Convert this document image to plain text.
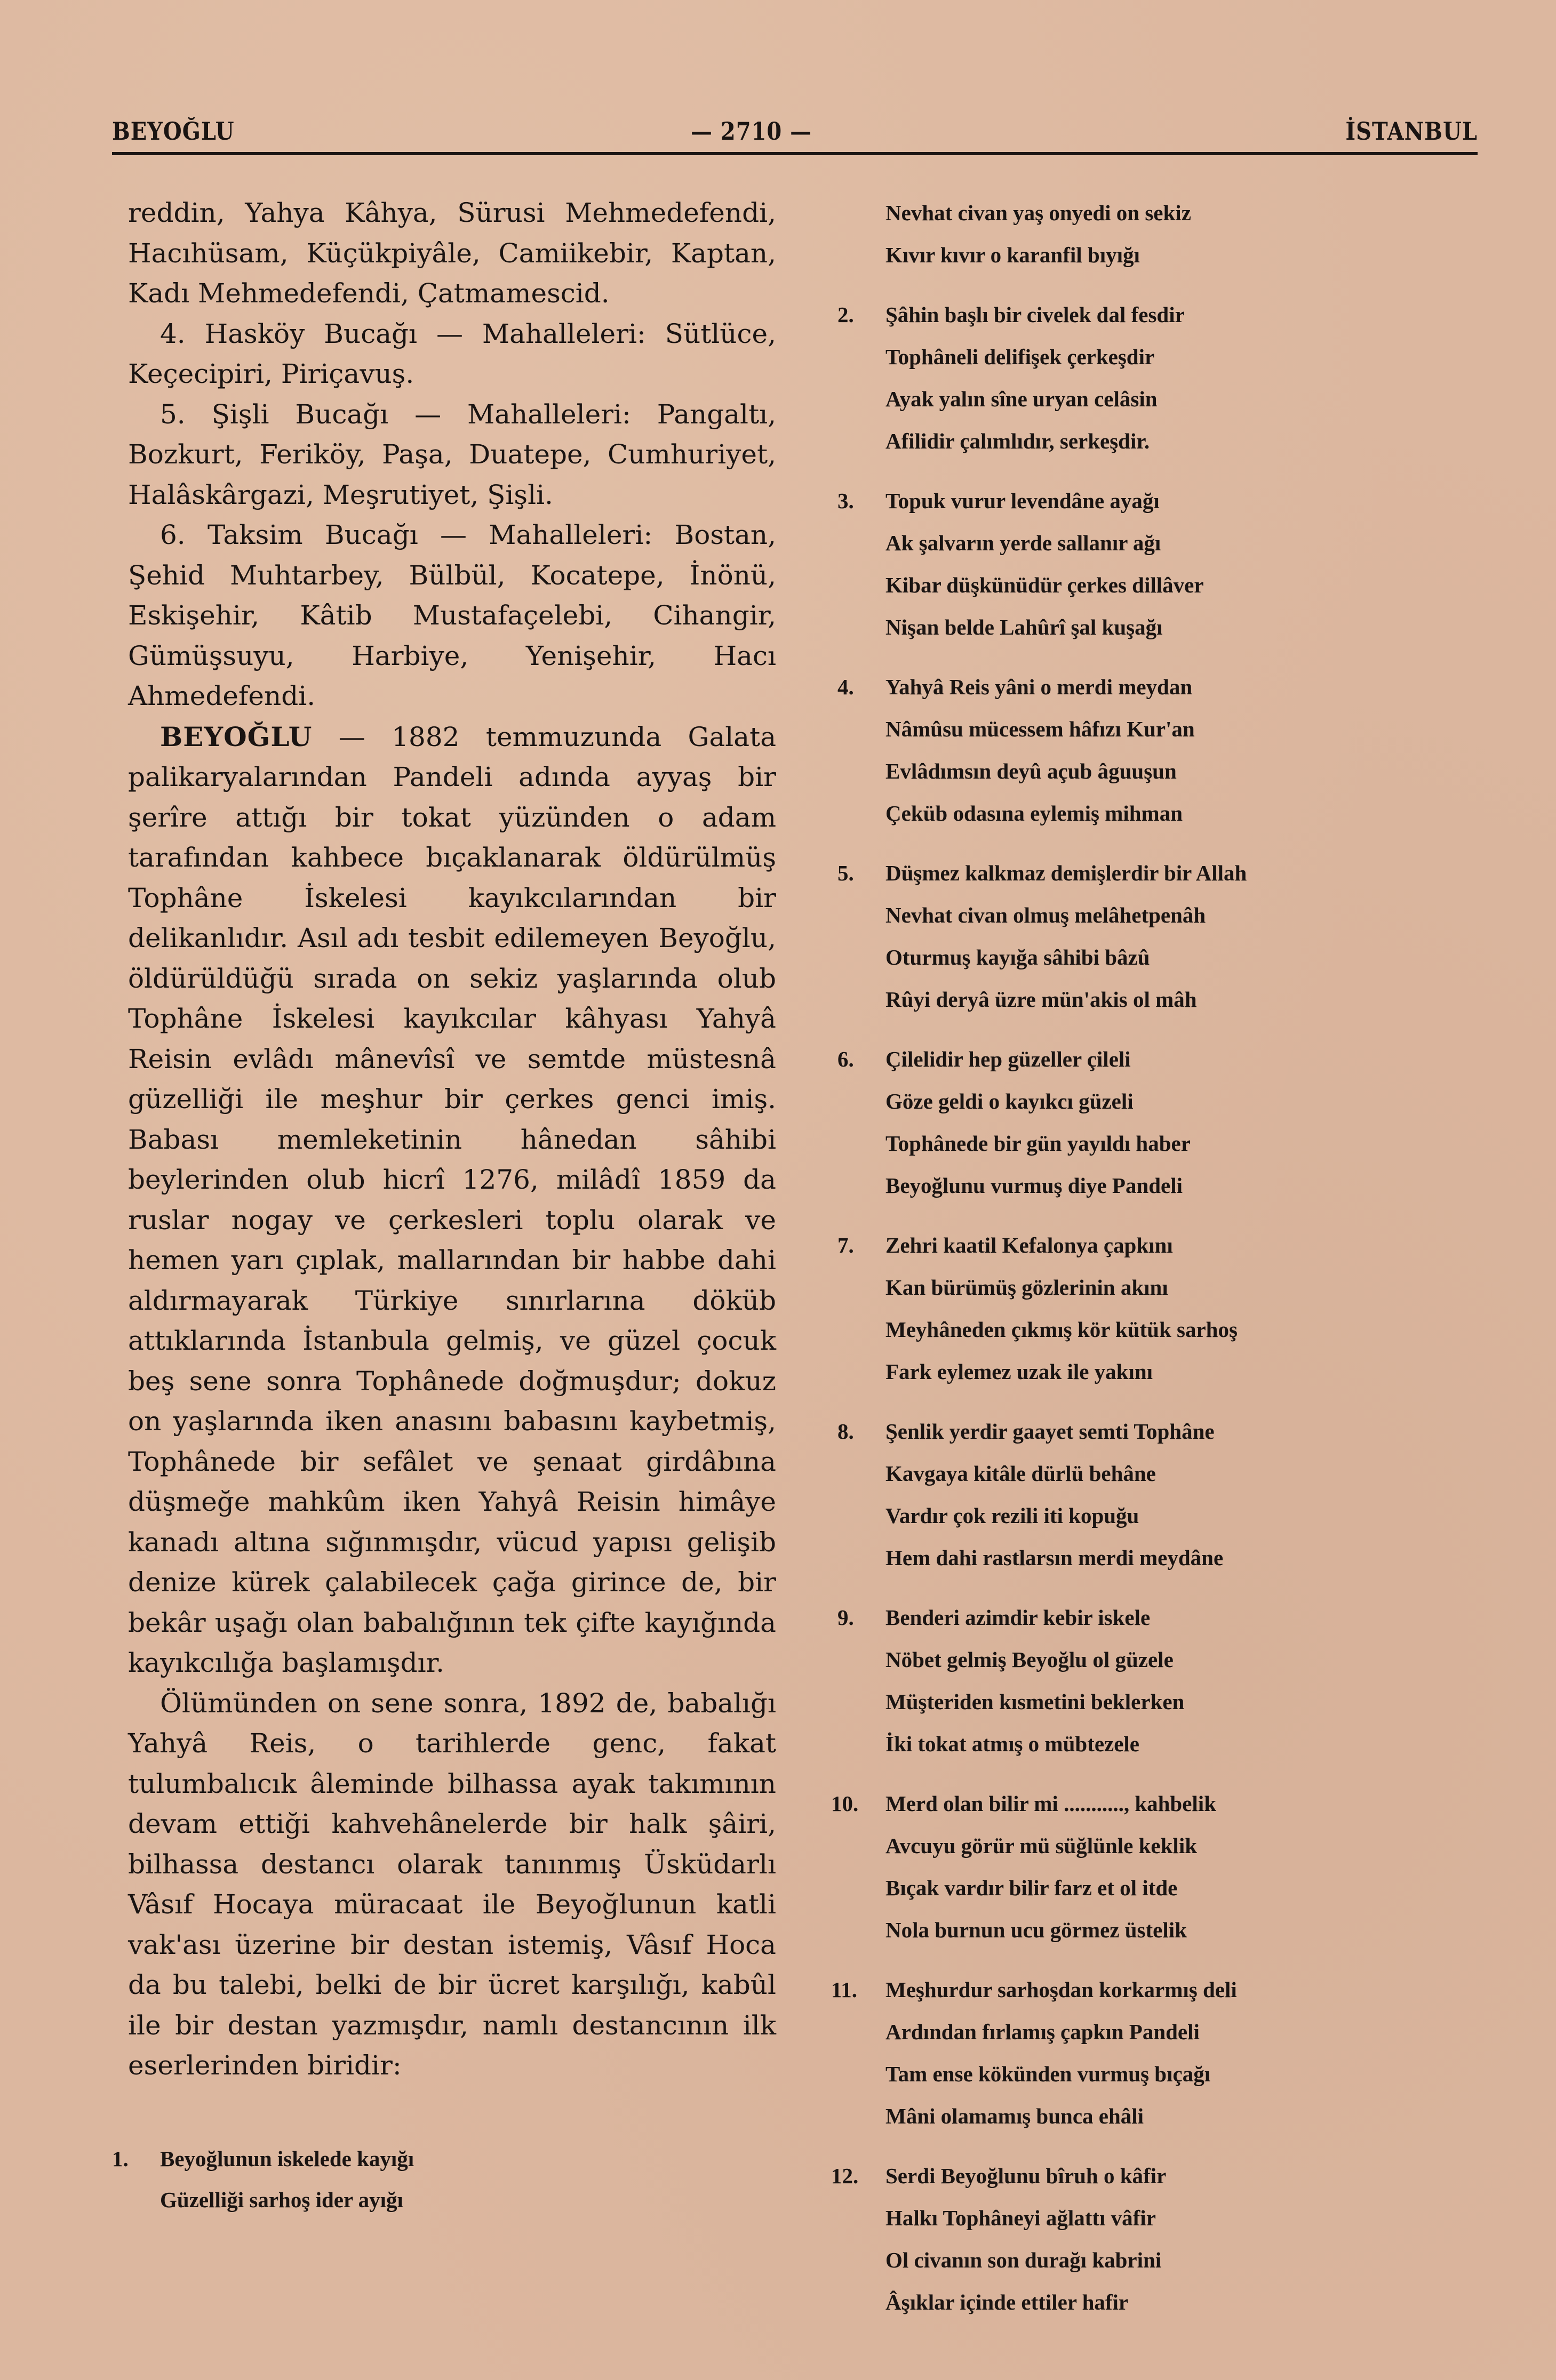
BEYOĞLU	— 2710 —	İSTANBUL

reddin, Yahya Kâhya, Sürusi Mehmedefendi, Hacıhüsam, Küçükpiyâle, Camiikebir, Kaptan, Kadı Mehmedefendi, Çatmamescid.

4. Hasköy Bucağı — Mahalleleri: Sütlüce, Keçecipiri, Piriçavuş.

5. Şişli Bucağı — Mahalleleri: Pangaltı, Bozkurt, Feriköy, Paşa, Duatepe, Cumhuriyet, Halâskârgazi, Meşrutiyet, Şişli.

6. Taksim Bucağı — Mahalleleri: Bostan, Şehid Muhtarbey, Bülbül, Kocatepe, İnönü, Eskişehir, Kâtib Mustafaçelebi, Cihangir, Gümüşsuyu, Harbiye, Yenişehir, Hacı Ahmedefendi.

BEYOĞLU — 1882 temmuzunda Galata palikaryalarından Pandeli adında ayyaş bir şerîre attığı bir tokat yüzünden o adam tarafından kahbece bıçaklanarak öldürülmüş Tophâne İskelesi kayıkcılarından bir delikanlıdır. Asıl adı tesbit edilemeyen Beyoğlu, öldürüldüğü sırada on sekiz yaşlarında olub Tophâne İskelesi kayıkcılar kâhyası Yahyâ Reisin evlâdı mânevîsî ve semtde müstesnâ güzelliği ile meşhur bir çerkes genci imiş. Babası memleketinin hânedan sâhibi beylerinden olub hicrî 1276, milâdî 1859 da ruslar nogay ve çerkesleri toplu olarak ve hemen yarı çıplak, mallarından bir habbe dahi aldırmayarak Türkiye sınırlarına döküb attıklarında İstanbula gelmiş, ve güzel çocuk beş sene sonra Tophânede doğmuşdur; dokuz on yaşlarında iken anasını babasını kaybetmiş, Tophânede bir sefâlet ve şenaat girdâbına düşmeğe mahkûm iken Yahyâ Reisin himâye kanadı altına sığınmışdır, vücud yapısı gelişib denize kürek çalabilecek çağa girince de, bir bekâr uşağı olan babalığının tek çifte kayığında kayıkcılığa başlamışdır.

Ölümünden on sene sonra, 1892 de, babalığı Yahyâ Reis, o tarihlerde genc, fakat tulumbalıcık âleminde bilhassa ayak takımının devam ettiği kahvehânelerde bir halk şâiri, bilhassa destancı olarak tanınmış Üsküdarlı Vâsıf Hocaya müracaat ile Beyoğlunun katli vak'ası üzerine bir destan istemiş, Vâsıf Hoca da bu talebi, belki de bir ücret karşılığı, kabûl ile bir destan yazmışdır, namlı destancının ilk eserlerinden biridir:

1.	Beyoğlunun iskelede kayığı
Güzelliği sarhoş ider ayığı
Nevhat civan yaş onyedi on sekiz
Kıvır kıvır o karanfil bıyığı
2.	Şâhin başlı bir civelek dal fesdir
Tophâneli delifişek çerkeşdir
Ayak yalın sîne uryan celâsin
Afilidir çalımlıdır, serkeşdir.
3.	Topuk vurur levendâne ayağı
Ak şalvarın yerde sallanır ağı
Kibar düşkünüdür çerkes dillâver
Nişan belde Lahûrî şal kuşağı
4.	Yahyâ Reis yâni o merdi meydan
Nâmûsu mücessem hâfızı Kur'an
Evlâdımsın deyû açub âguuşun
Çeküb odasına eylemiş mihman
5.	Düşmez kalkmaz demişlerdir bir Allah
Nevhat civan olmuş melâhetpenâh
Oturmuş kayığa sâhibi bâzû
Rûyi deryâ üzre mün'akis ol mâh
6.	Çilelidir hep güzeller çileli
Göze geldi o kayıkcı güzeli
Tophânede bir gün yayıldı haber
Beyoğlunu vurmuş diye Pandeli
7.	Zehri kaatil Kefalonya çapkını
Kan bürümüş gözlerinin akını
Meyhâneden çıkmış kör kütük sarhoş
Fark eylemez uzak ile yakını
8.	Şenlik yerdir gaayet semti Tophâne
Kavgaya kitâle dürlü behâne
Vardır çok rezili iti kopuğu
Hem dahi rastlarsın merdi meydâne
9.	Benderi azimdir kebir iskele
Nöbet gelmiş Beyoğlu ol güzele
Müşteriden kısmetini beklerken
İki tokat atmış o mübtezele
10.	Merd olan bilir mi ..........., kahbelik
Avcuyu görür mü süğlünle keklik
Bıçak vardır bilir farz et ol itde
Nola burnun ucu görmez üstelik
11.	Meşhurdur sarhoşdan korkarmış deli
Ardından fırlamış çapkın Pandeli
Tam ense kökünden vurmuş bıçağı
Mâni olamamış bunca ehâli
12.	Serdi Beyoğlunu bîruh o kâfir
Halkı Tophâneyi ağlattı vâfir
Ol civanın son durağı kabrini
Âşıklar içinde ettiler hafir
